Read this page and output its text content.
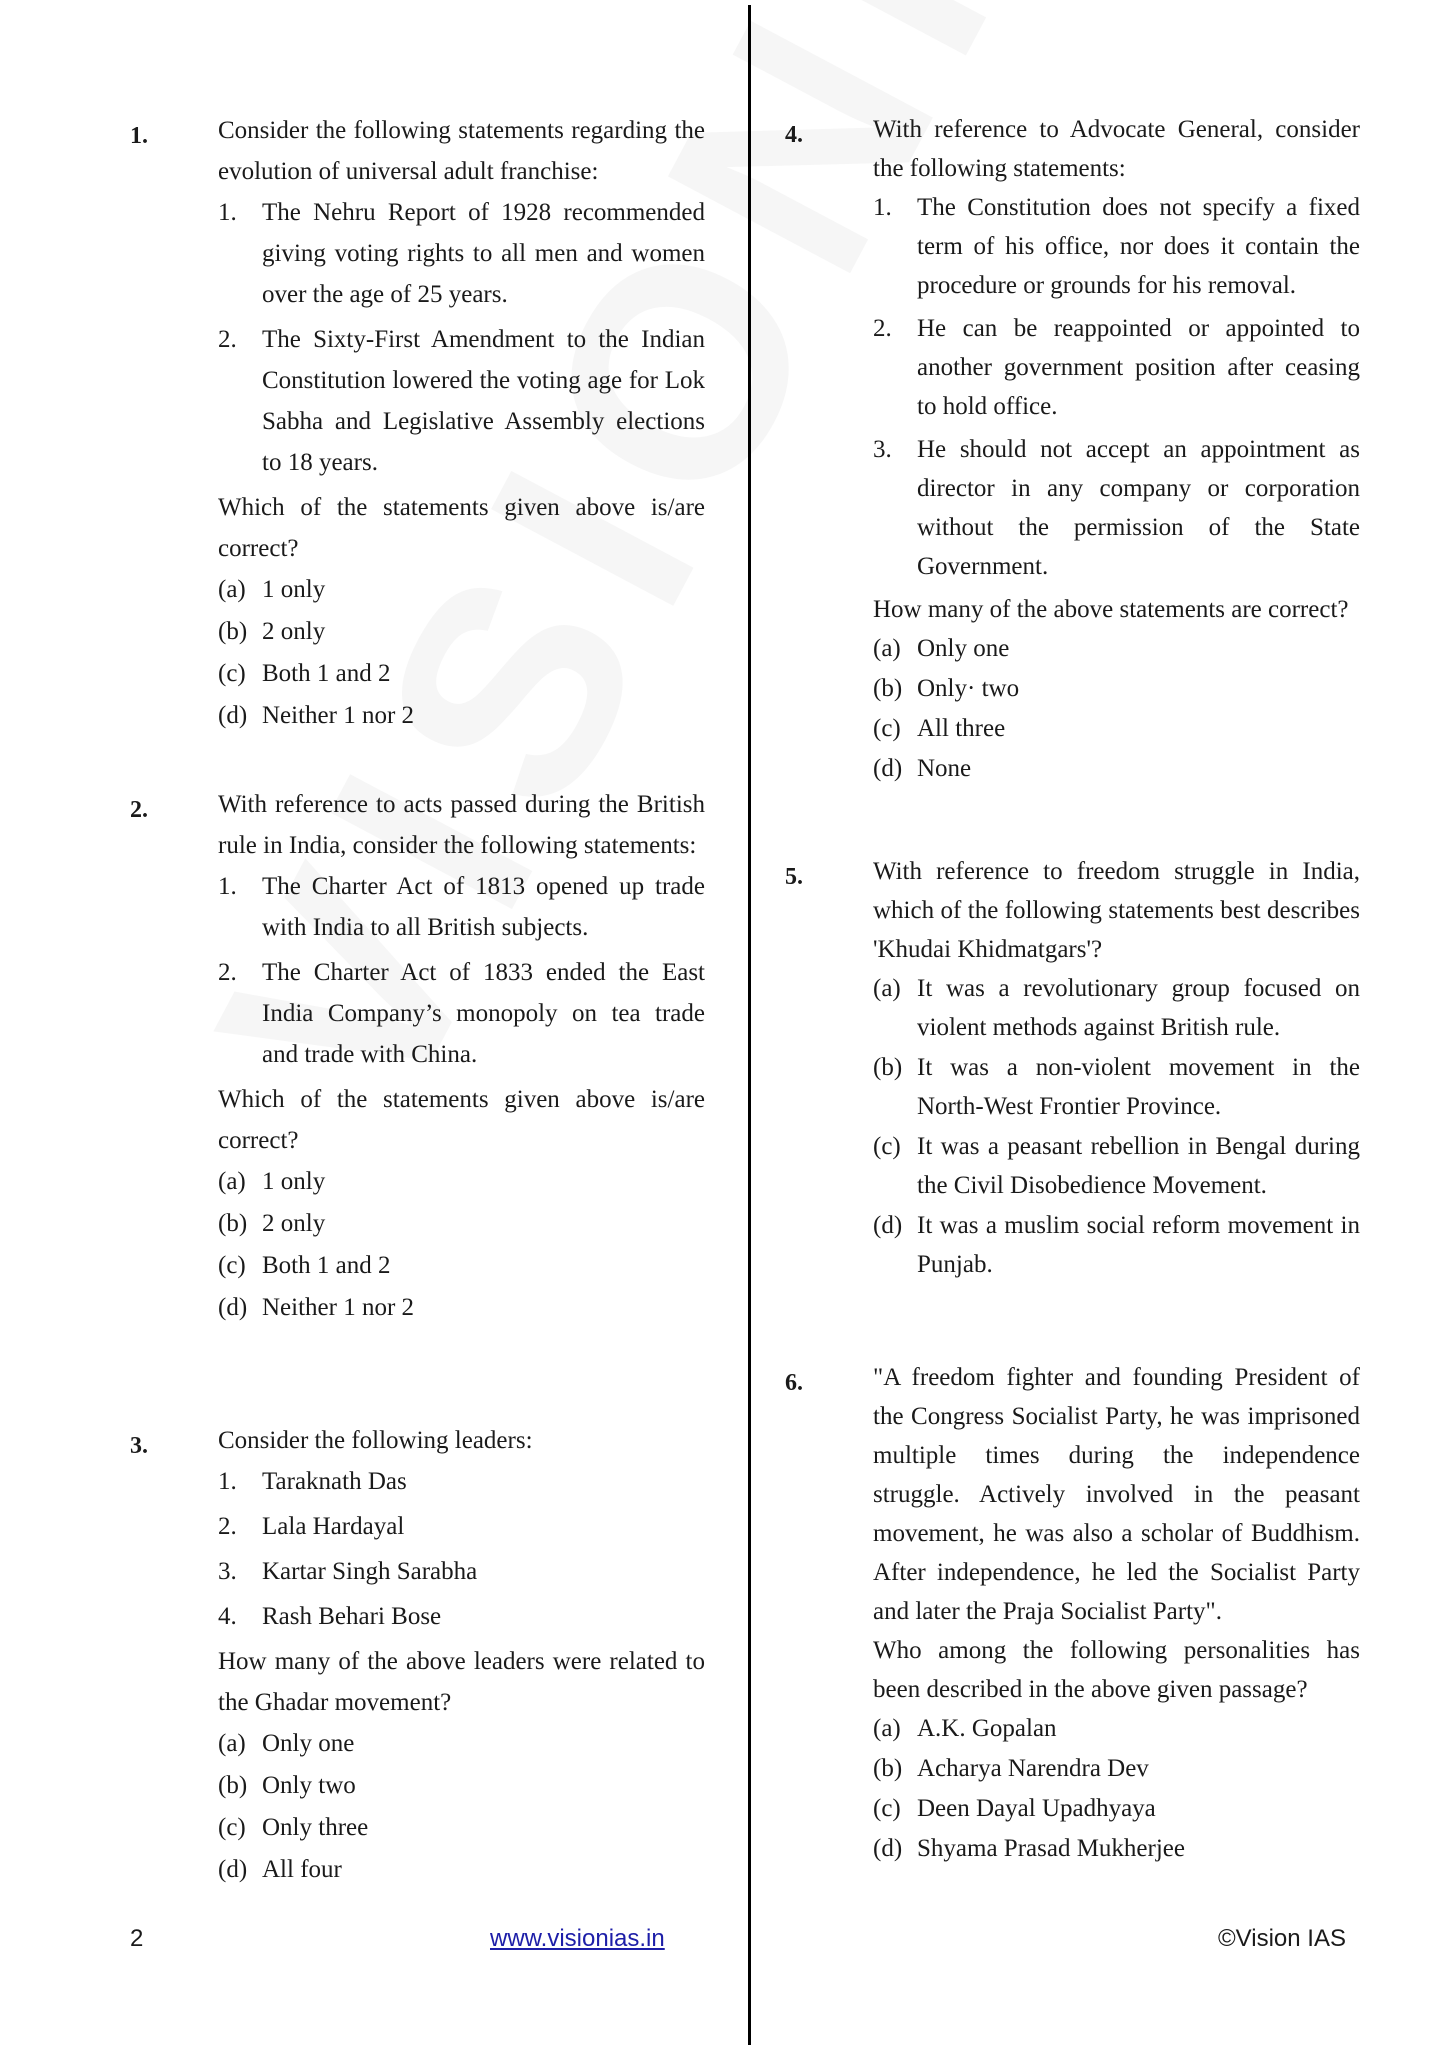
1.	Consider the following statements regarding the evolution of universal adult franchise:
1. The Nehru Report of 1928 recommended giving voting rights to all men and women over the age of 25 years.
2. The Sixty-First Amendment to the Indian Constitution lowered the voting age for Lok Sabha and Legislative Assembly elections to 18 years.
Which of the statements given above is/are correct?
(a) 1 only
(b) 2 only
(c) Both 1 and 2
(d) Neither 1 nor 2
2.	With reference to acts passed during the British rule in India, consider the following statements:
1. The Charter Act of 1813 opened up trade with India to all British subjects.
2. The Charter Act of 1833 ended the East India Company’s monopoly on tea trade and trade with China.
Which of the statements given above is/are correct?
(a) 1 only
(b) 2 only
(c) Both 1 and 2
(d) Neither 1 nor 2
3.	Consider the following leaders:
1. Taraknath Das
2. Lala Hardayal
3. Kartar Singh Sarabha
4. Rash Behari Bose
How many of the above leaders were related to the Ghadar movement?
(a) Only one
(b) Only two
(c) Only three
(d) All four
4.	With reference to Advocate General, consider the following statements:
1. The Constitution does not specify a fixed term of his office, nor does it contain the procedure or grounds for his removal.
2. He can be reappointed or appointed to another government position after ceasing to hold office.
3. He should not accept an appointment as director in any company or corporation without the permission of the State Government.
How many of the above statements are correct?
(a) Only one
(b) Only· two
(c) All three
(d) None
5.	With reference to freedom struggle in India, which of the following statements best describes 'Khudai Khidmatgars'?
(a) It was a revolutionary group focused on violent methods against British rule.
(b) It was a non-violent movement in the North-West Frontier Province.
(c) It was a peasant rebellion in Bengal during the Civil Disobedience Movement.
(d) It was a muslim social reform movement in Punjab.
6.	"A freedom fighter and founding President of the Congress Socialist Party, he was imprisoned multiple times during the independence struggle. Actively involved in the peasant movement, he was also a scholar of Buddhism. After independence, he led the Socialist Party and later the Praja Socialist Party".
Who among the following personalities has been described in the above given passage?
(a) A.K. Gopalan
(b) Acharya Narendra Dev
(c) Deen Dayal Upadhyaya
(d) Shyama Prasad Mukherjee
2	www.visionias.in	©Vision IAS
